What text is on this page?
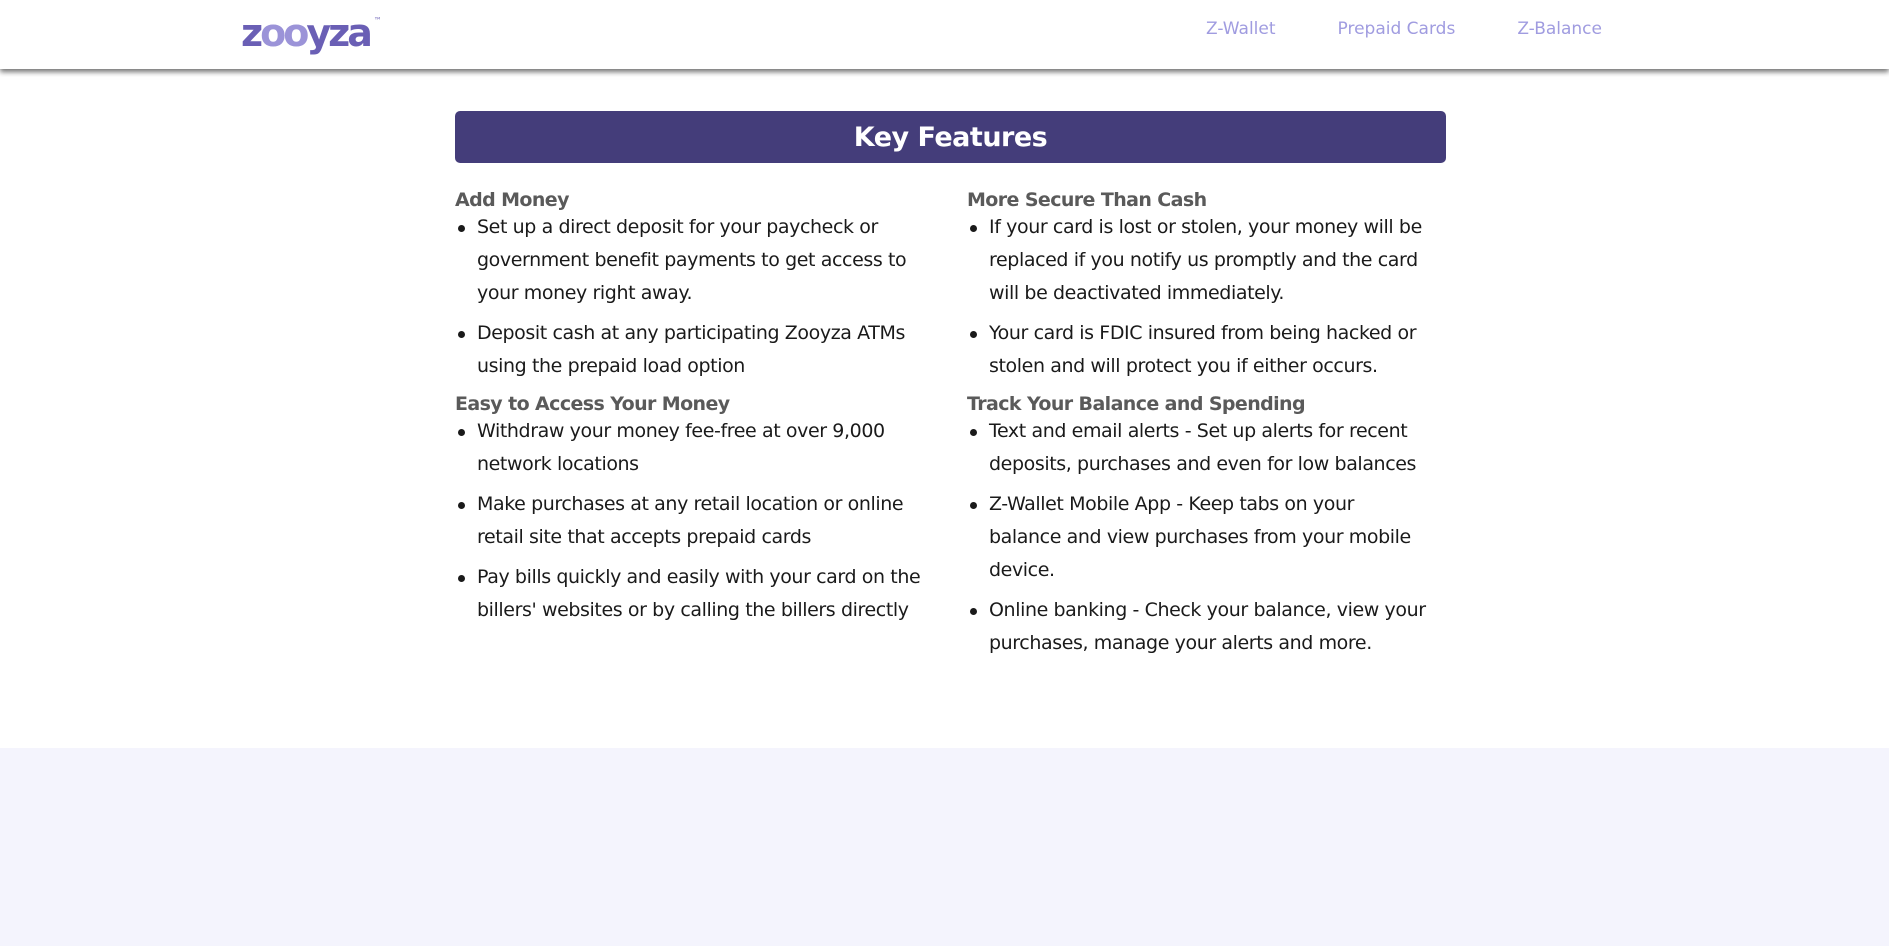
zooyza ™	Z-Wallet	Prepaid Cards	Z-Balance
Key Features
Add Money
Set up a direct deposit for your paycheck or government benefit payments to get access to your money right away.
Deposit cash at any participating Zooyza ATMs using the prepaid load option
Easy to Access Your Money
Withdraw your money fee-free at over 9,000 network locations
Make purchases at any retail location or online retail site that accepts prepaid cards
Pay bills quickly and easily with your card on the billers' websites or by calling the billers directly
More Secure Than Cash
If your card is lost or stolen, your money will be replaced if you notify us promptly and the card will be deactivated immediately.
Your card is FDIC insured from being hacked or stolen and will protect you if either occurs.
Track Your Balance and Spending
Text and email alerts - Set up alerts for recent deposits, purchases and even for low balances
Z-Wallet Mobile App - Keep tabs on your balance and view purchases from your mobile device.
Online banking - Check your balance, view your purchases, manage your alerts and more.
